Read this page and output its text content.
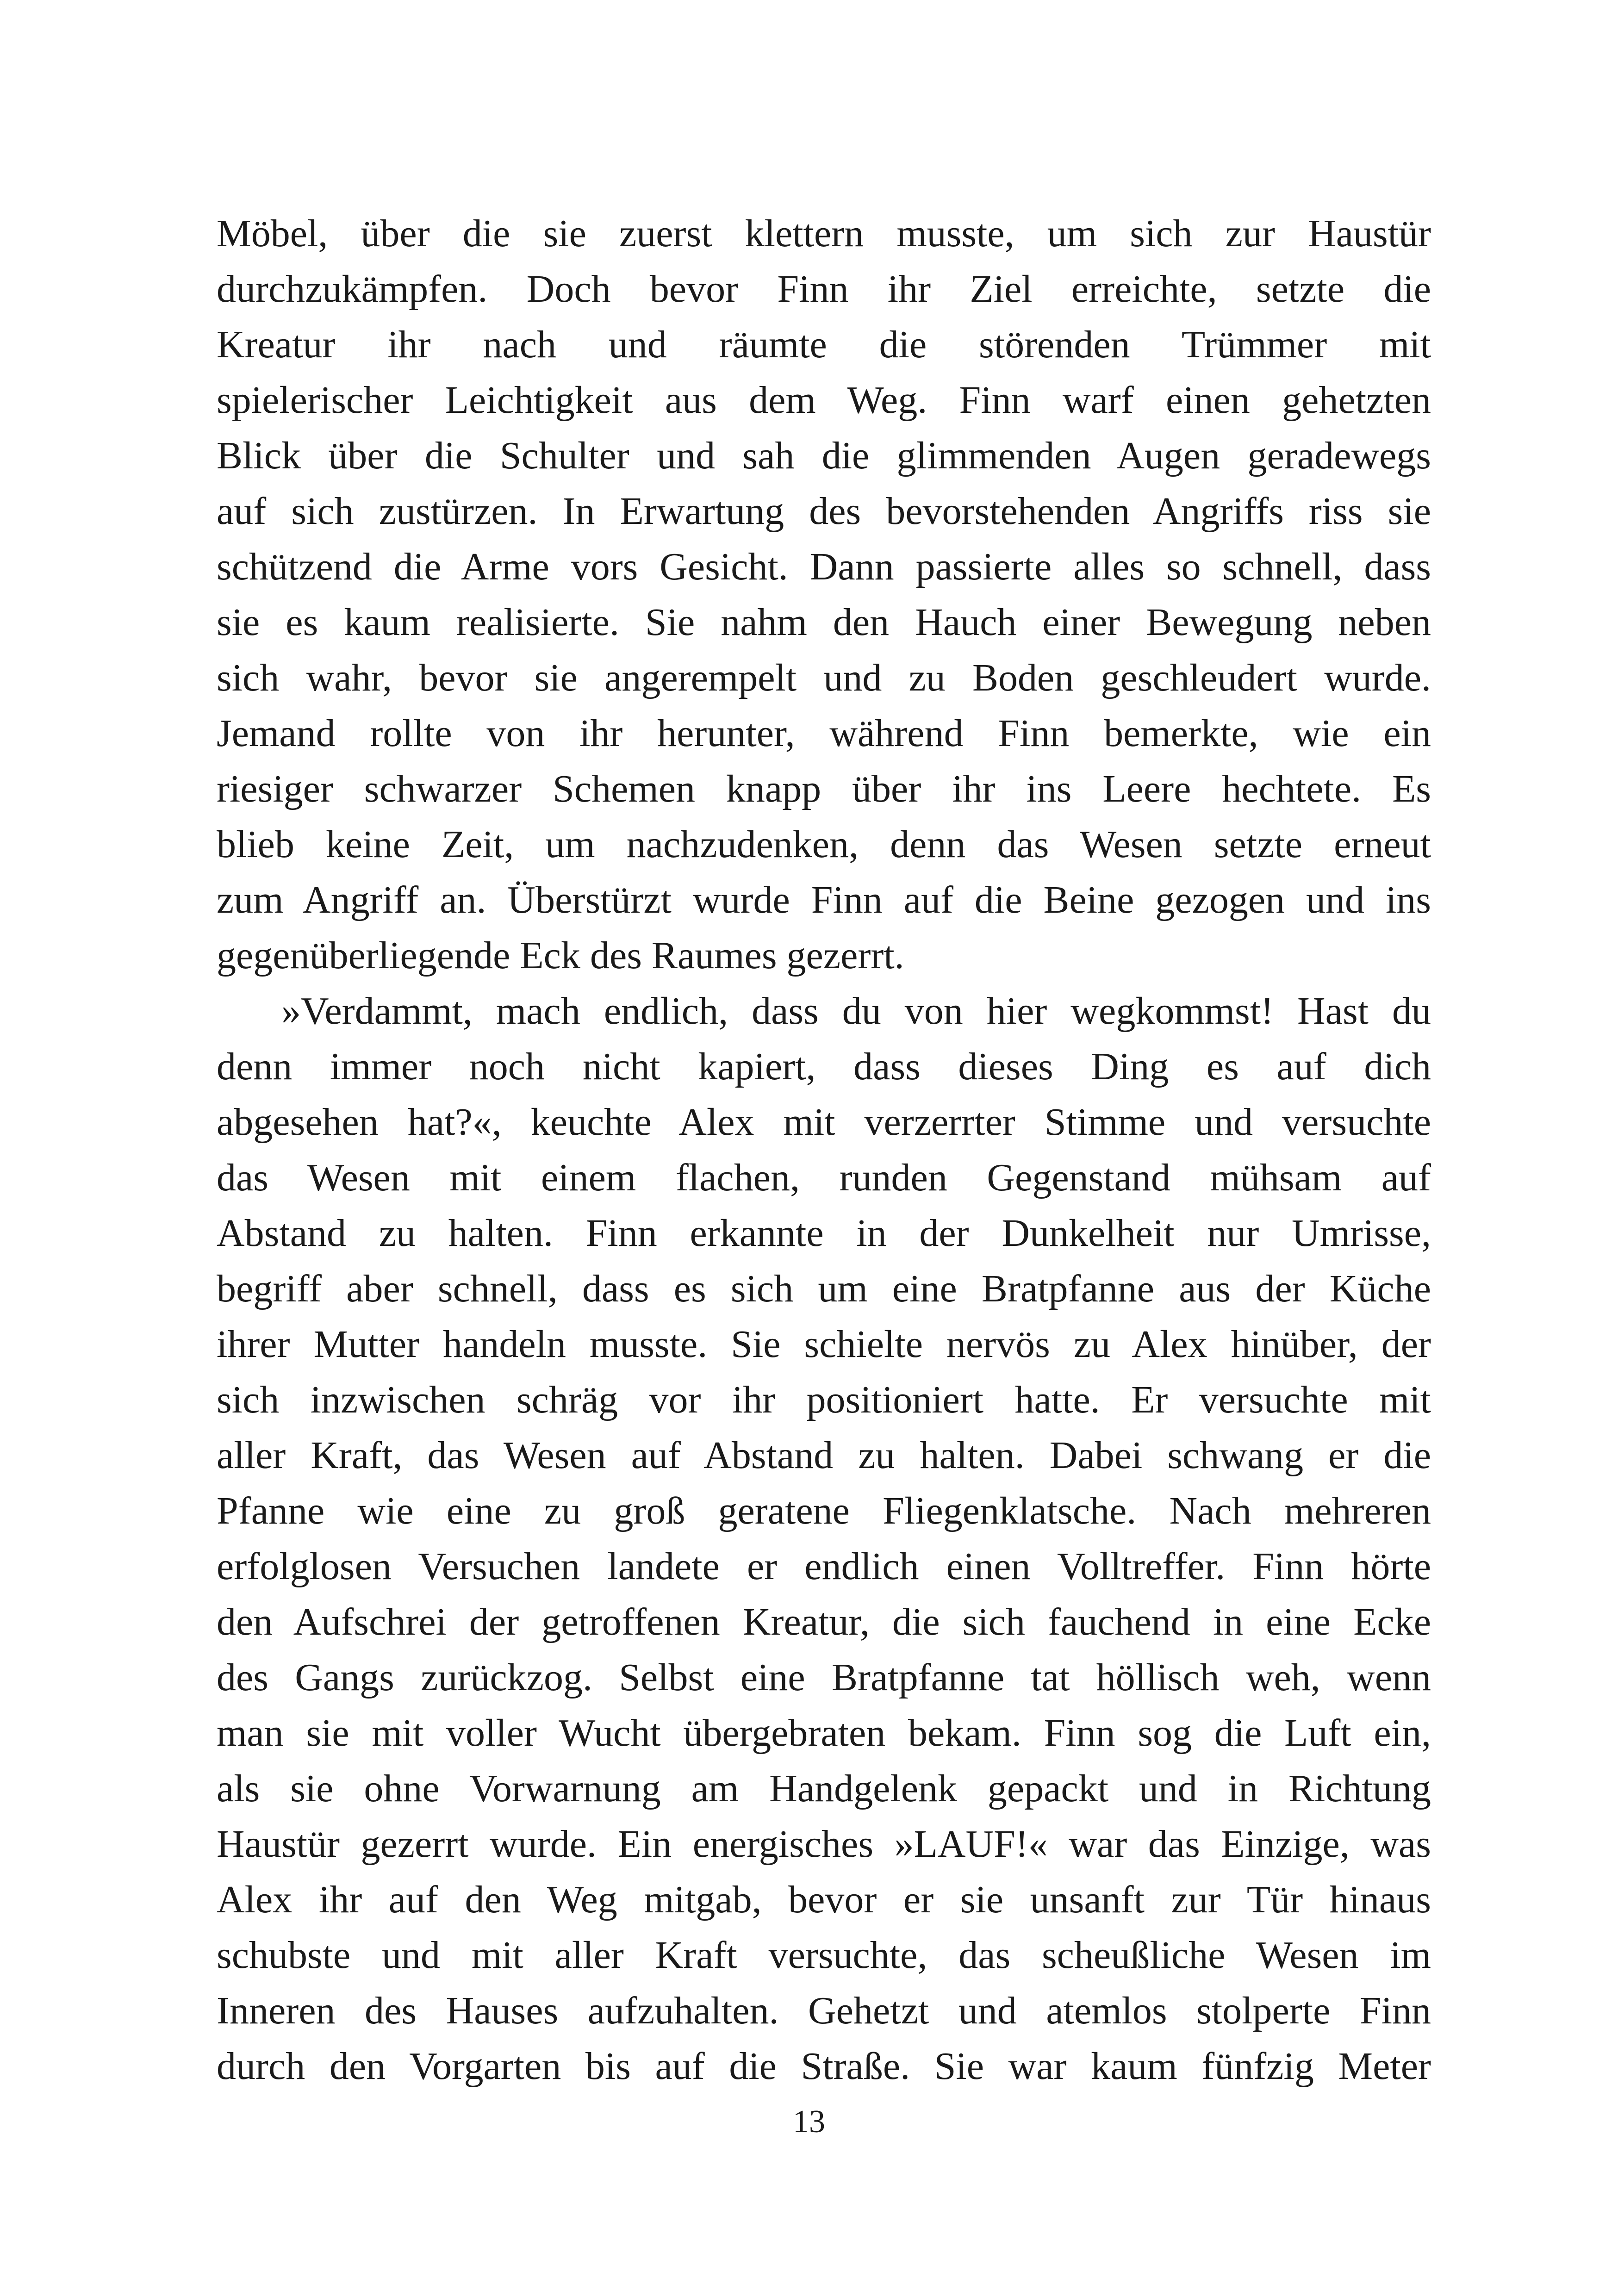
Möbel, über die sie zuerst klettern musste, um sich zur Haustür
durchzukämpfen. Doch bevor Finn ihr Ziel erreichte, setzte die
Kreatur ihr nach und räumte die störenden Trümmer mit
spielerischer Leichtigkeit aus dem Weg. Finn warf einen gehetzten
Blick über die Schulter und sah die glimmenden Augen geradewegs
auf sich zustürzen. In Erwartung des bevorstehenden Angriffs riss sie
schützend die Arme vors Gesicht. Dann passierte alles so schnell, dass
sie es kaum realisierte. Sie nahm den Hauch einer Bewegung neben
sich wahr, bevor sie angerempelt und zu Boden geschleudert wurde.
Jemand rollte von ihr herunter, während Finn bemerkte, wie ein
riesiger schwarzer Schemen knapp über ihr ins Leere hechtete. Es
blieb keine Zeit, um nachzudenken, denn das Wesen setzte erneut
zum Angriff an. Überstürzt wurde Finn auf die Beine gezogen und ins
gegenüberliegende Eck des Raumes gezerrt.
»Verdammt, mach endlich, dass du von hier wegkommst! Hast du
denn immer noch nicht kapiert, dass dieses Ding es auf dich
abgesehen hat?«, keuchte Alex mit verzerrter Stimme und versuchte
das Wesen mit einem flachen, runden Gegenstand mühsam auf
Abstand zu halten. Finn erkannte in der Dunkelheit nur Umrisse,
begriff aber schnell, dass es sich um eine Bratpfanne aus der Küche
ihrer Mutter handeln musste. Sie schielte nervös zu Alex hinüber, der
sich inzwischen schräg vor ihr positioniert hatte. Er versuchte mit
aller Kraft, das Wesen auf Abstand zu halten. Dabei schwang er die
Pfanne wie eine zu groß geratene Fliegenklatsche. Nach mehreren
erfolglosen Versuchen landete er endlich einen Volltreffer. Finn hörte
den Aufschrei der getroffenen Kreatur, die sich fauchend in eine Ecke
des Gangs zurückzog. Selbst eine Bratpfanne tat höllisch weh, wenn
man sie mit voller Wucht übergebraten bekam. Finn sog die Luft ein,
als sie ohne Vorwarnung am Handgelenk gepackt und in Richtung
Haustür gezerrt wurde. Ein energisches »LAUF!« war das Einzige, was
Alex ihr auf den Weg mitgab, bevor er sie unsanft zur Tür hinaus
schubste und mit aller Kraft versuchte, das scheußliche Wesen im
Inneren des Hauses aufzuhalten. Gehetzt und atemlos stolperte Finn
durch den Vorgarten bis auf die Straße. Sie war kaum fünfzig Meter
13
